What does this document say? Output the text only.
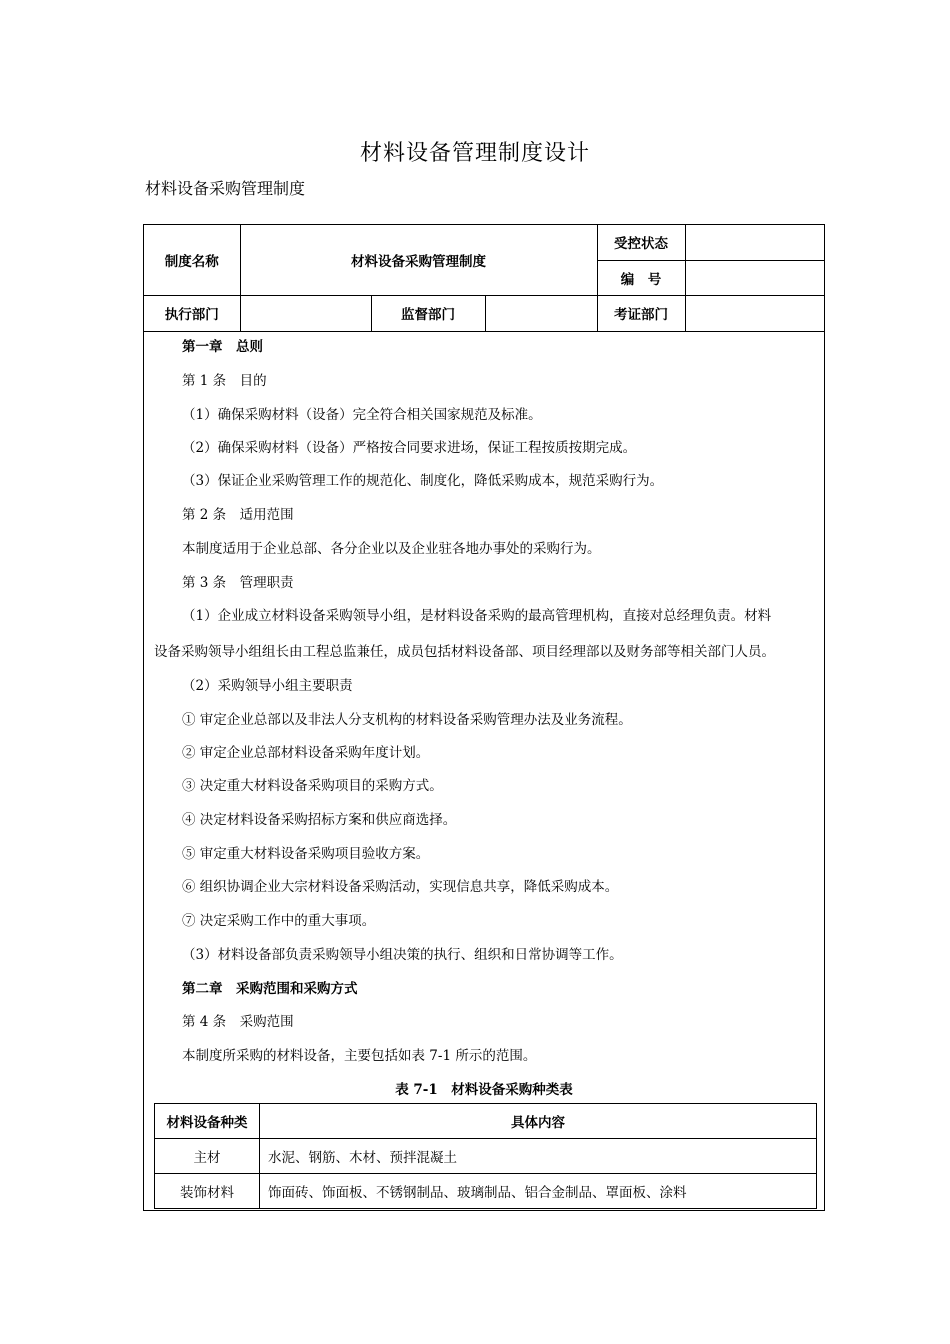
材料设备管理制度设计
材料设备采购管理制度
制度名称	材料设备采购管理制度			受控状态	
				编　号	
执行部门		监督部门		考证部门	
第一章　总则
第 1 条　目的
（1）确保采购材料（设备）完全符合相关国家规范及标准。
（2）确保采购材料（设备）严格按合同要求进场，保证工程按质按期完成。
（3）保证企业采购管理工作的规范化、制度化，降低采购成本，规范采购行为。
第 2 条　适用范围
本制度适用于企业总部、各分企业以及企业驻各地办事处的采购行为。
第 3 条　管理职责
（1）企业成立材料设备采购领导小组，是材料设备采购的最高管理机构，直接对总经理负责。材料
设备采购领导小组组长由工程总监兼任，成员包括材料设备部、项目经理部以及财务部等相关部门人员。
（2）采购领导小组主要职责
① 审定企业总部以及非法人分支机构的材料设备采购管理办法及业务流程。
② 审定企业总部材料设备采购年度计划。
③ 决定重大材料设备采购项目的采购方式。
④ 决定材料设备采购招标方案和供应商选择。
⑤ 审定重大材料设备采购项目验收方案。
⑥ 组织协调企业大宗材料设备采购活动，实现信息共享，降低采购成本。
⑦ 决定采购工作中的重大事项。
（3）材料设备部负责采购领导小组决策的执行、组织和日常协调等工作。
第二章　采购范围和采购方式
第 4 条　采购范围
本制度所采购的材料设备，主要包括如表 7-1 所示的范围。
表 7-1　材料设备采购种类表
材料设备种类	具体内容
主材	水泥、钢筋、木材、预拌混凝土
装饰材料	饰面砖、饰面板、不锈钢制品、玻璃制品、铝合金制品、罩面板、涂料
